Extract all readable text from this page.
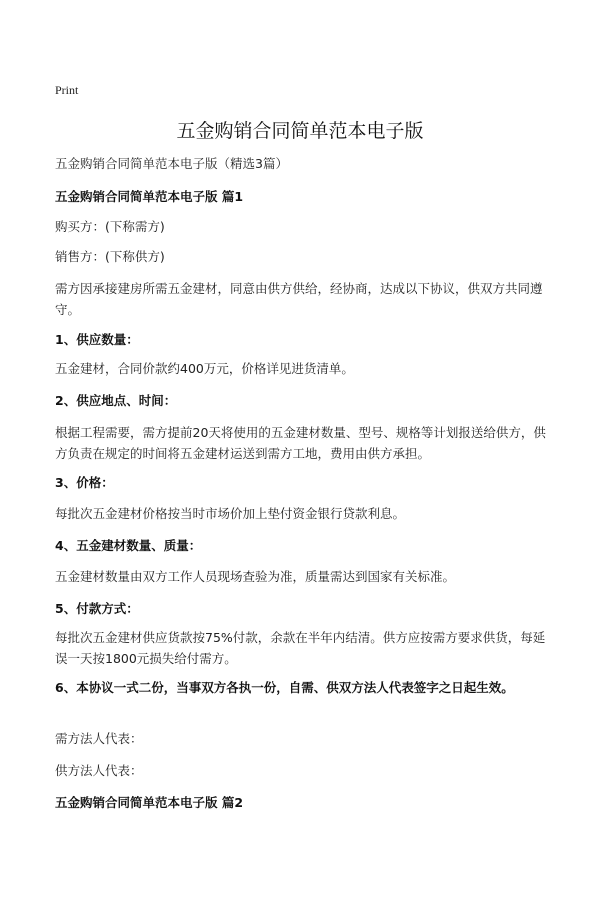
Print
五金购销合同简单范本电子版
五金购销合同简单范本电子版（精选3篇）
五金购销合同简单范本电子版 篇1
购买方：(下称需方)
销售方：(下称供方)
需方因承接建房所需五金建材，同意由供方供给，经协商，达成以下协议，供双方共同遵守。
1、供应数量：
五金建材，合同价款约400万元，价格详见进货清单。
2、供应地点、时间：
根据工程需要，需方提前20天将使用的五金建材数量、型号、规格等计划报送给供方，供方负责在规定的时间将五金建材运送到需方工地，费用由供方承担。
3、价格：
每批次五金建材价格按当时市场价加上垫付资金银行贷款利息。
4、五金建材数量、质量：
五金建材数量由双方工作人员现场查验为准，质量需达到国家有关标准。
5、付款方式：
每批次五金建材供应货款按75%付款，余款在半年内结清。供方应按需方要求供货，每延误一天按1800元损失给付需方。
6、本协议一式二份，当事双方各执一份，自需、供双方法人代表签字之日起生效。
需方法人代表：
供方法人代表：
五金购销合同简单范本电子版 篇2
